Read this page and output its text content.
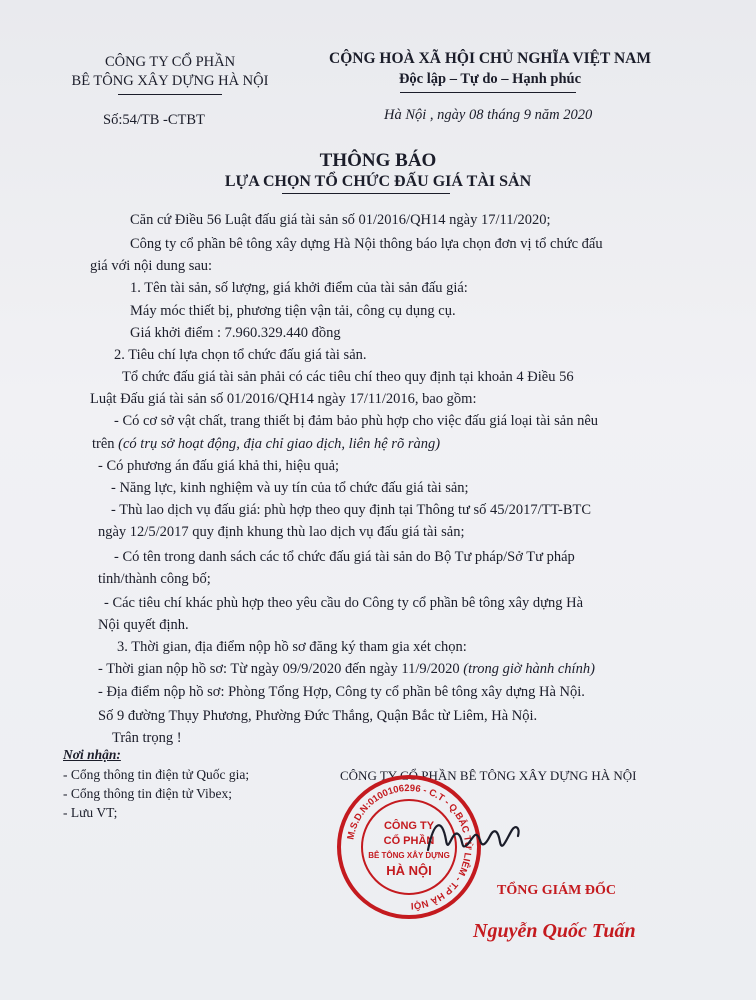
CÔNG TY CỔ PHẦN
BÊ TÔNG XÂY DỰNG HÀ NỘI
Số:54/TB -CTBT
CỘNG HOÀ XÃ HỘI CHỦ NGHĨA VIỆT NAM
Độc lập – Tự do – Hạnh phúc
Hà Nội , ngày 08 tháng 9 năm 2020
THÔNG BÁO
LỰA CHỌN TỔ CHỨC ĐẤU GIÁ TÀI SẢN
Căn cứ Điều 56 Luật đấu giá tài sản số 01/2016/QH14 ngày 17/11/2020;
Công ty cổ phần bê tông xây dựng Hà Nội thông báo lựa chọn đơn vị tổ chức đấu
giá với nội dung sau:
1. Tên tài sản, số lượng, giá khởi điểm của tài sản đấu giá:
Máy móc thiết bị, phương tiện vận tải, công cụ dụng cụ.
Giá khởi điểm : 7.960.329.440 đồng
2. Tiêu chí lựa chọn tổ chức đấu giá tài sản.
Tổ chức đấu giá tài sản phải có các tiêu chí theo quy định tại khoản 4 Điều 56
Luật Đấu giá tài sản số 01/2016/QH14 ngày 17/11/2016, bao gồm:
- Có cơ sở vật chất, trang thiết bị đảm bảo phù hợp cho việc đấu giá loại tài sản nêu
trên (có trụ sở hoạt động, địa chỉ giao dịch, liên hệ rõ ràng)
- Có phương án đấu giá khả thi, hiệu quả;
- Năng lực, kinh nghiệm và uy tín của tổ chức đấu giá tài sản;
- Thù lao dịch vụ đấu giá: phù hợp theo quy định tại Thông tư số 45/2017/TT-BTC
ngày 12/5/2017 quy định khung thù lao dịch vụ đấu giá tài sản;
- Có tên trong danh sách các tổ chức đấu giá tài sản do Bộ Tư pháp/Sở Tư pháp
tỉnh/thành công bố;
- Các tiêu chí khác phù hợp theo yêu cầu do Công ty cổ phần bê tông xây dựng Hà
Nội quyết định.
3. Thời gian, địa điểm nộp hồ sơ đăng ký tham gia xét chọn:
- Thời gian nộp hồ sơ: Từ ngày 09/9/2020 đến ngày 11/9/2020 (trong giờ hành chính)
- Địa điểm nộp hồ sơ: Phòng Tổng Hợp, Công ty cổ phần bê tông xây dựng Hà Nội.
Số 9 đường Thụy Phương, Phường Đức Thắng, Quận Bắc từ Liêm, Hà Nội.
Trân trọng !
Nơi nhận:
- Cổng thông tin điện tử Quốc gia;
- Cổng thông tin điện tử Vibex;
- Lưu VT;
CÔNG TY CỔ PHẦN BÊ TÔNG XÂY DỰNG HÀ NỘI
M.S.D.N:0100106296 - C.T - Q.BẮC TỪ LIÊM - T.P HÀ NỘI
CÔNG TY
CỔ PHẦN
BÊ TÔNG XÂY DỰNG
HÀ NỘI
TỔNG GIÁM ĐỐC
Nguyễn Quốc Tuấn
